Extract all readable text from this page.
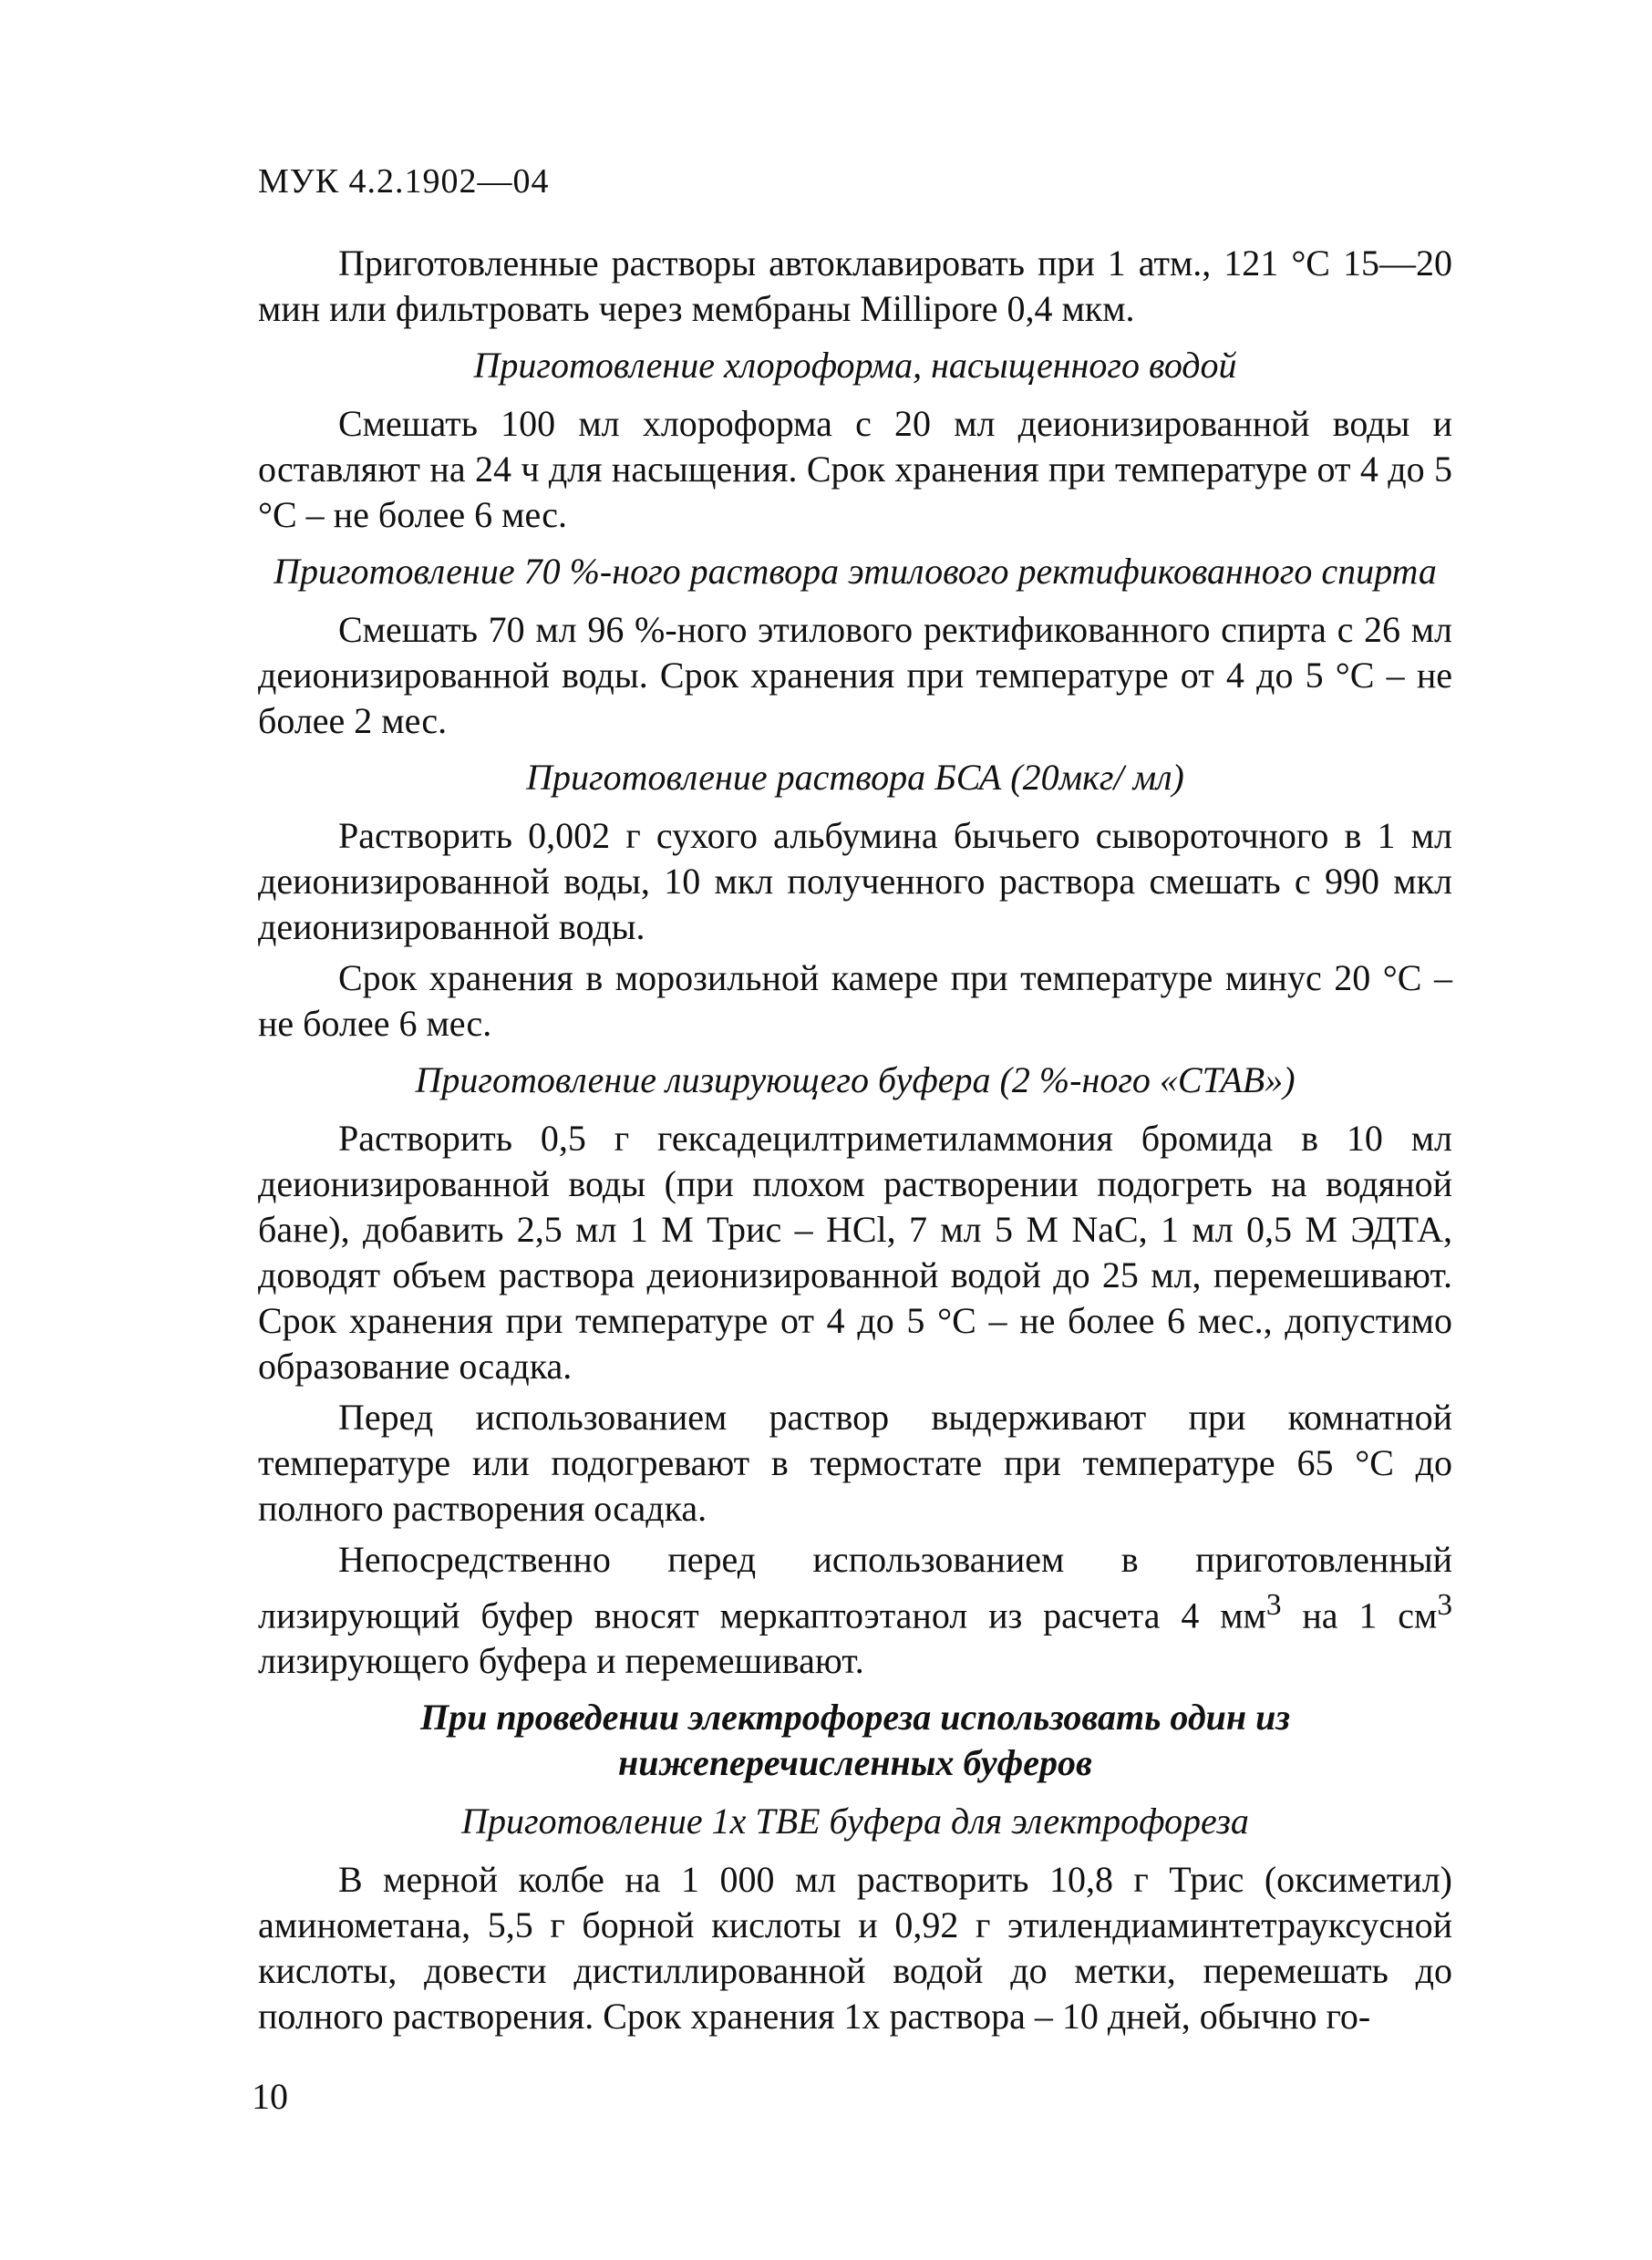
МУК 4.2.1902—04

Приготовленные растворы автоклавировать при 1 атм., 121 °С 15—20 мин или фильтровать через мембраны Millipore 0,4 мкм.

Приготовление хлороформа, насыщенного водой

Смешать 100 мл хлороформа с 20 мл деионизированной воды и оставляют на 24 ч для насыщения. Срок хранения при температуре от 4 до 5 °С – не более 6 мес.

Приготовление 70 %-ного раствора этилового ректификованного спирта

Смешать 70 мл 96 %-ного этилового ректификованного спирта с 26 мл деионизированной воды. Срок хранения при температуре от 4 до 5 °С – не более 2 мес.

Приготовление раствора БСА (20мкг/ мл)

Растворить 0,002 г сухого альбумина бычьего сывороточного в 1 мл деионизированной воды, 10 мкл полученного раствора смешать с 990 мкл деионизированной воды.

Срок хранения в морозильной камере при температуре минус 20 °С – не более 6 мес.

Приготовление лизирующего буфера (2 %-ного «СТАВ»)

Растворить 0,5 г гексадецилтриметиламмония бромида в 10 мл деионизированной воды (при плохом растворении подогреть на водяной бане), добавить 2,5 мл 1 М Трис – HCl, 7 мл 5 М NaC, 1 мл 0,5 М ЭДТА, доводят объем раствора деионизированной водой до 25 мл, перемешивают. Срок хранения при температуре от 4 до 5 °С – не более 6 мес., допустимо образование осадка.

Перед использованием раствор выдерживают при комнатной температуре или подогревают в термостате при температуре 65 °С до полного растворения осадка.

Непосредственно перед использованием в приготовленный лизирующий буфер вносят меркаптоэтанол из расчета 4 $мм^3$ на 1 $см^3$ лизирующего буфера и перемешивают.

При проведении электрофореза использовать один из нижеперечисленных буферов
Приготовление 1х ТВЕ буфера для электрофореза

В мерной колбе на 1 000 мл растворить 10,8 г Трис (оксиметил) аминометана, 5,5 г борной кислоты и 0,92 г этилендиаминтетрауксусной кислоты, довести дистиллированной водой до метки, перемешать до полного растворения. Срок хранения 1х раствора – 10 дней, обычно го-

10
